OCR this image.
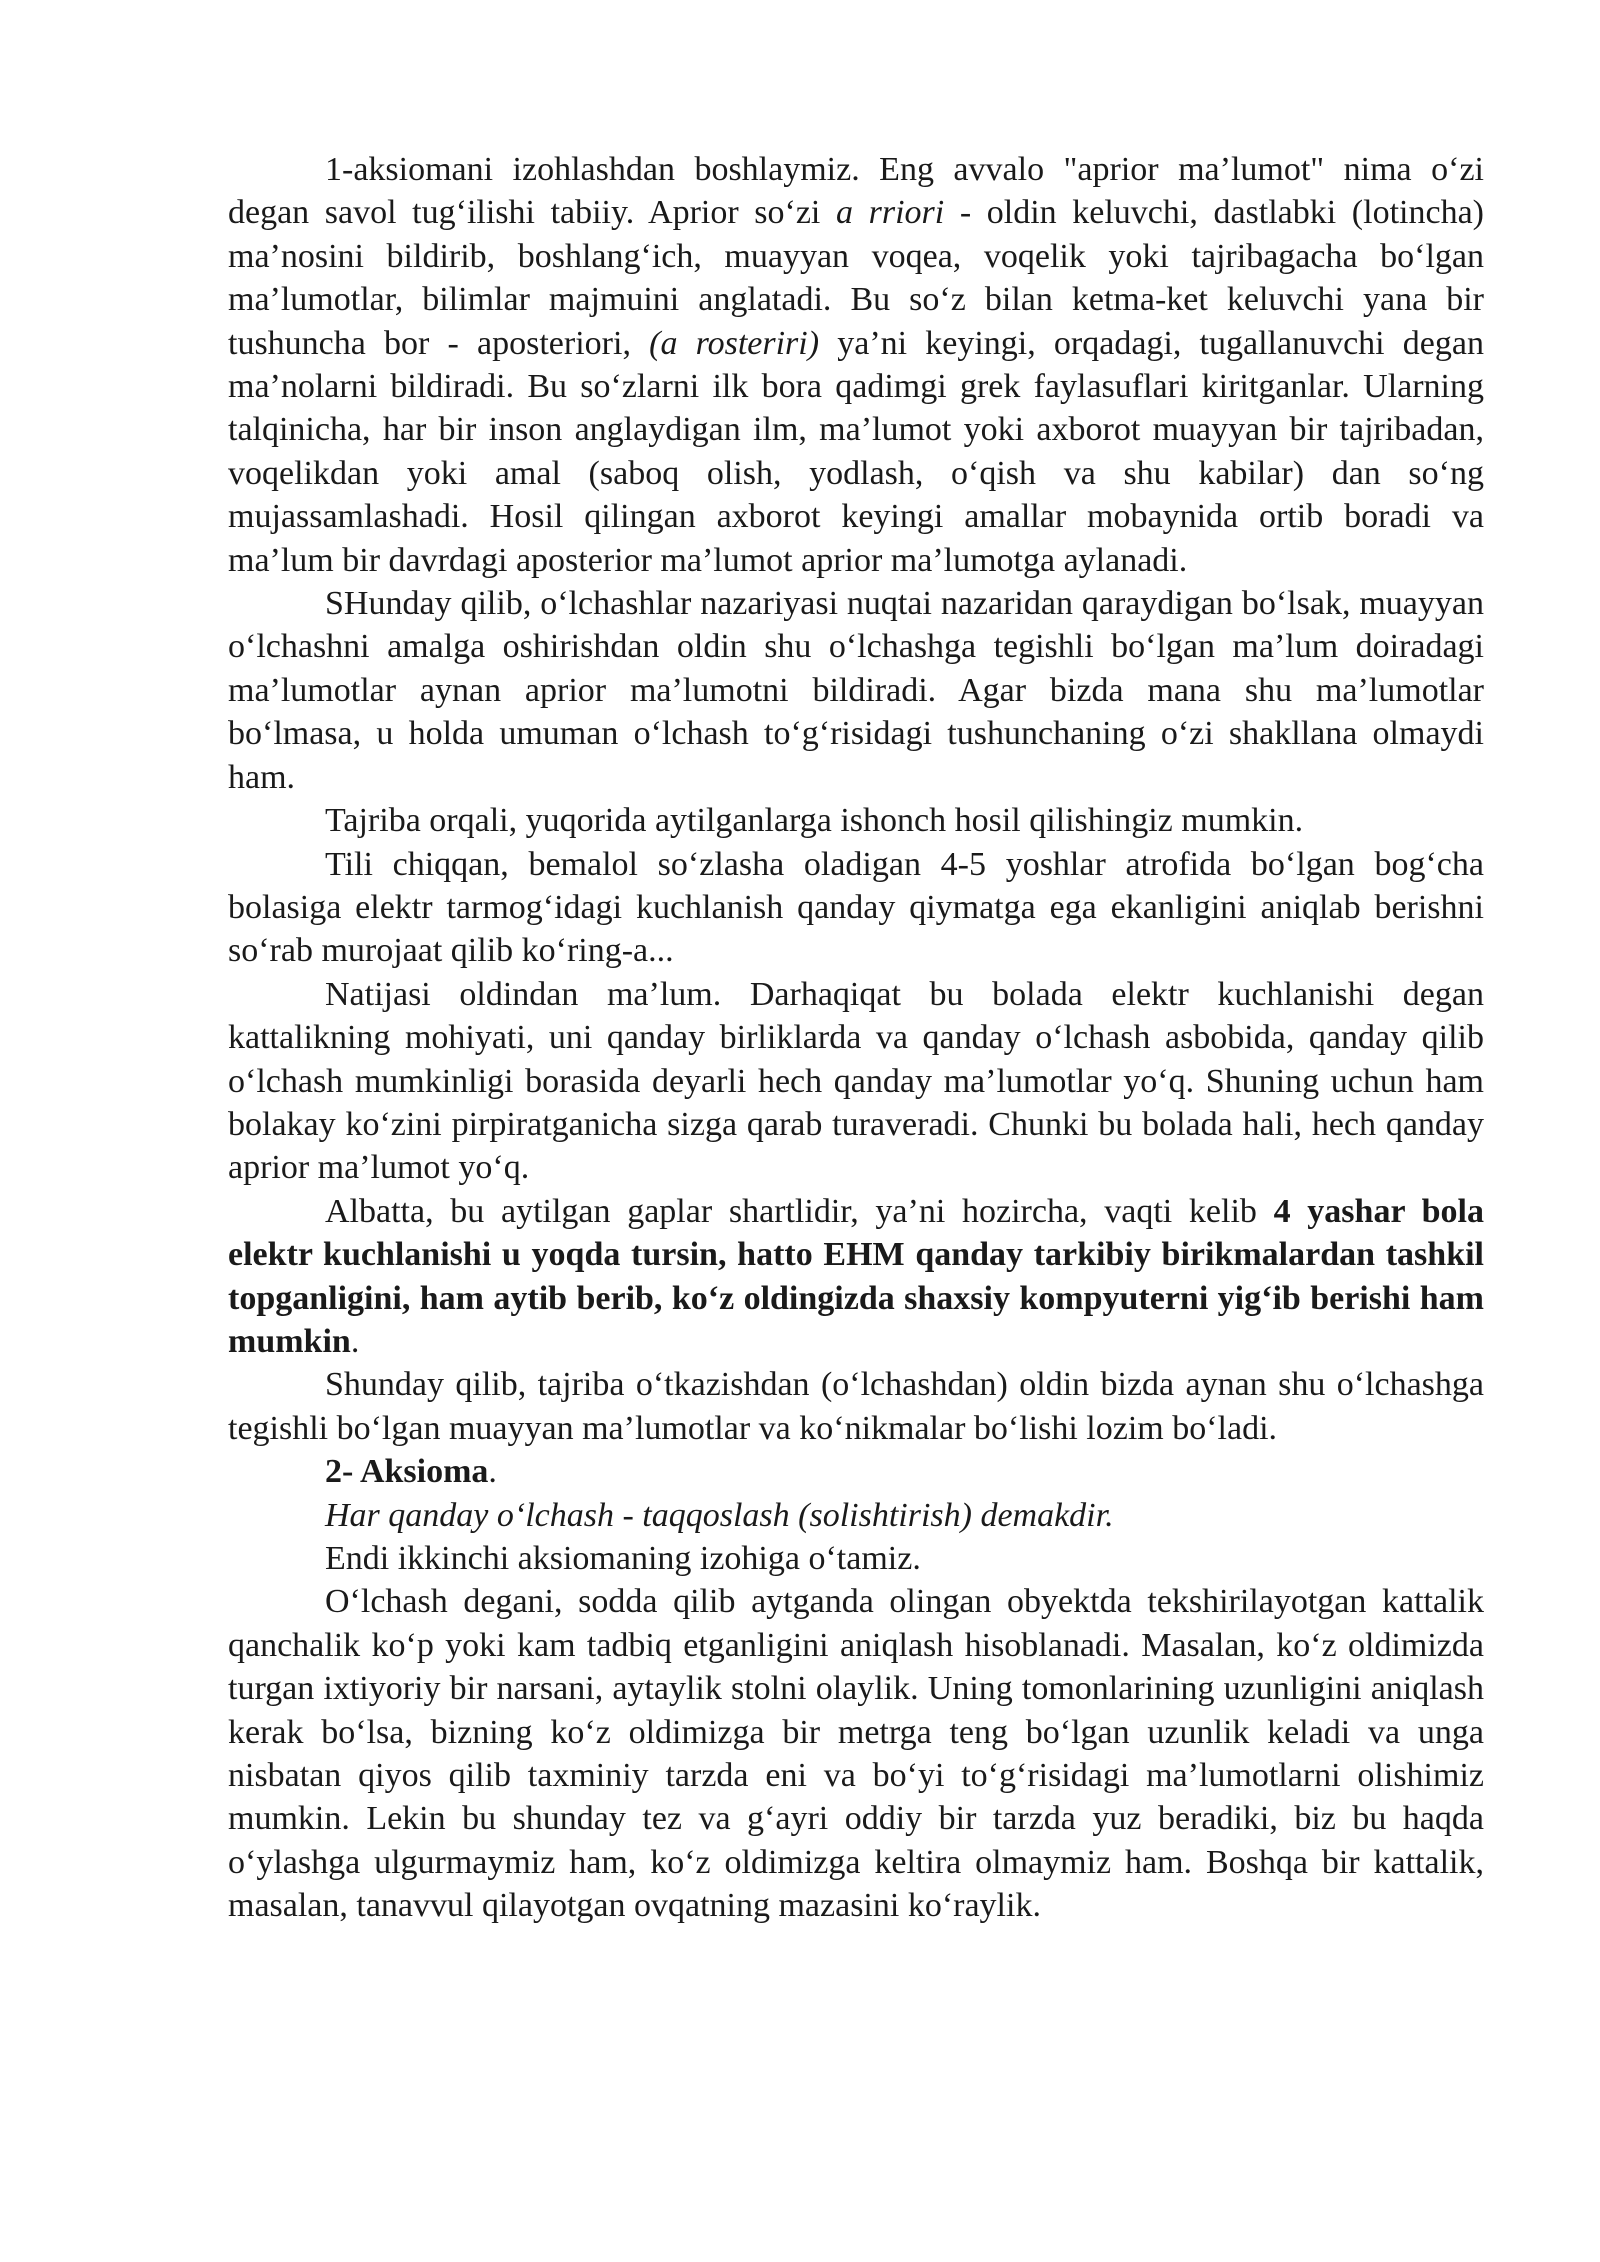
1-aksiomani izohlashdan boshlaymiz. Eng avvalo "aprior ma’lumot" nima o‘zi degan savol tug‘ilishi tabiiy. Aprior so‘zi a rriori - oldin keluvchi, dastlabki (lotincha) ma’nosini bildirib, boshlang‘ich, muayyan voqea, voqelik yoki tajribagacha bo‘lgan ma’lumotlar, bilimlar majmuini anglatadi. Bu so‘z bilan ketma-ket keluvchi yana bir tushuncha bor - aposteriori, (a rosteriri) ya’ni keyingi, orqadagi, tugallanuvchi degan ma’nolarni bildiradi. Bu so‘zlarni ilk bora qadimgi grek faylasuflari kiritganlar. Ularning talqinicha, har bir inson anglaydigan ilm, ma’lumot yoki axborot muayyan bir tajribadan, voqelikdan yoki amal (saboq olish, yodlash, o‘qish va shu kabilar) dan so‘ng mujassamlashadi. Hosil qilingan axborot keyingi amallar mobaynida ortib boradi va ma’lum bir davrdagi aposterior ma’lumot aprior ma’lumotga aylanadi.

SHunday qilib, o‘lchashlar nazariyasi nuqtai nazaridan qaraydigan bo‘lsak, muayyan o‘lchashni amalga oshirishdan oldin shu o‘lchashga tegishli bo‘lgan ma’lum doiradagi ma’lumotlar aynan aprior ma’lumotni bildiradi. Agar bizda mana shu ma’lumotlar bo‘lmasa, u holda umuman o‘lchash to‘g‘risidagi tushunchaning o‘zi shakllana olmaydi ham.

Tajriba orqali, yuqorida aytilganlarga ishonch hosil qilishingiz mumkin.

Tili chiqqan, bemalol so‘zlasha oladigan 4-5 yoshlar atrofida bo‘lgan bog‘cha bolasiga elektr tarmog‘idagi kuchlanish qanday qiymatga ega ekanligini aniqlab berishni so‘rab murojaat qilib ko‘ring-a...

Natijasi oldindan ma’lum. Darhaqiqat bu bolada elektr kuchlanishi degan kattalikning mohiyati, uni qanday birliklarda va qanday o‘lchash asbobida, qanday qilib o‘lchash mumkinligi borasida deyarli hech qanday ma’lumotlar yo‘q. Shuning uchun ham bolakay ko‘zini pirpiratganicha sizga qarab turaveradi. Chunki bu bolada hali, hech qanday aprior ma’lumot yo‘q.

Albatta, bu aytilgan gaplar shartlidir, ya’ni hozircha, vaqti kelib 4 yashar bola elektr kuchlanishi u yoqda tursin, hatto EHM qanday tarkibiy birikmalardan tashkil topganligini, ham aytib berib, ko‘z oldingizda shaxsiy kompyuterni yig‘ib berishi ham mumkin.

Shunday qilib, tajriba o‘tkazishdan (o‘lchashdan) oldin bizda aynan shu o‘lchashga tegishli bo‘lgan muayyan ma’lumotlar va ko‘nikmalar bo‘lishi lozim bo‘ladi.

2- Aksioma.

Har qanday o‘lchash - taqqoslash (solishtirish) demakdir.

Endi ikkinchi aksiomaning izohiga o‘tamiz.

O‘lchash degani, sodda qilib aytganda olingan obyektda tekshirilayotgan kattalik qanchalik ko‘p yoki kam tadbiq etganligini aniqlash hisoblanadi. Masalan, ko‘z oldimizda turgan ixtiyoriy bir narsani, aytaylik stolni olaylik. Uning tomonlarining uzunligini aniqlash kerak bo‘lsa, bizning ko‘z oldimizga bir metrga teng bo‘lgan uzunlik keladi va unga nisbatan qiyos qilib taxminiy tarzda eni va bo‘yi to‘g‘risidagi ma’lumotlarni olishimiz mumkin. Lekin bu shunday tez va g‘ayri oddiy bir tarzda yuz beradiki, biz bu haqda o‘ylashga ulgurmaymiz ham, ko‘z oldimizga keltira olmaymiz ham. Boshqa bir kattalik, masalan, tanavvul qilayotgan ovqatning mazasini ko‘raylik.
